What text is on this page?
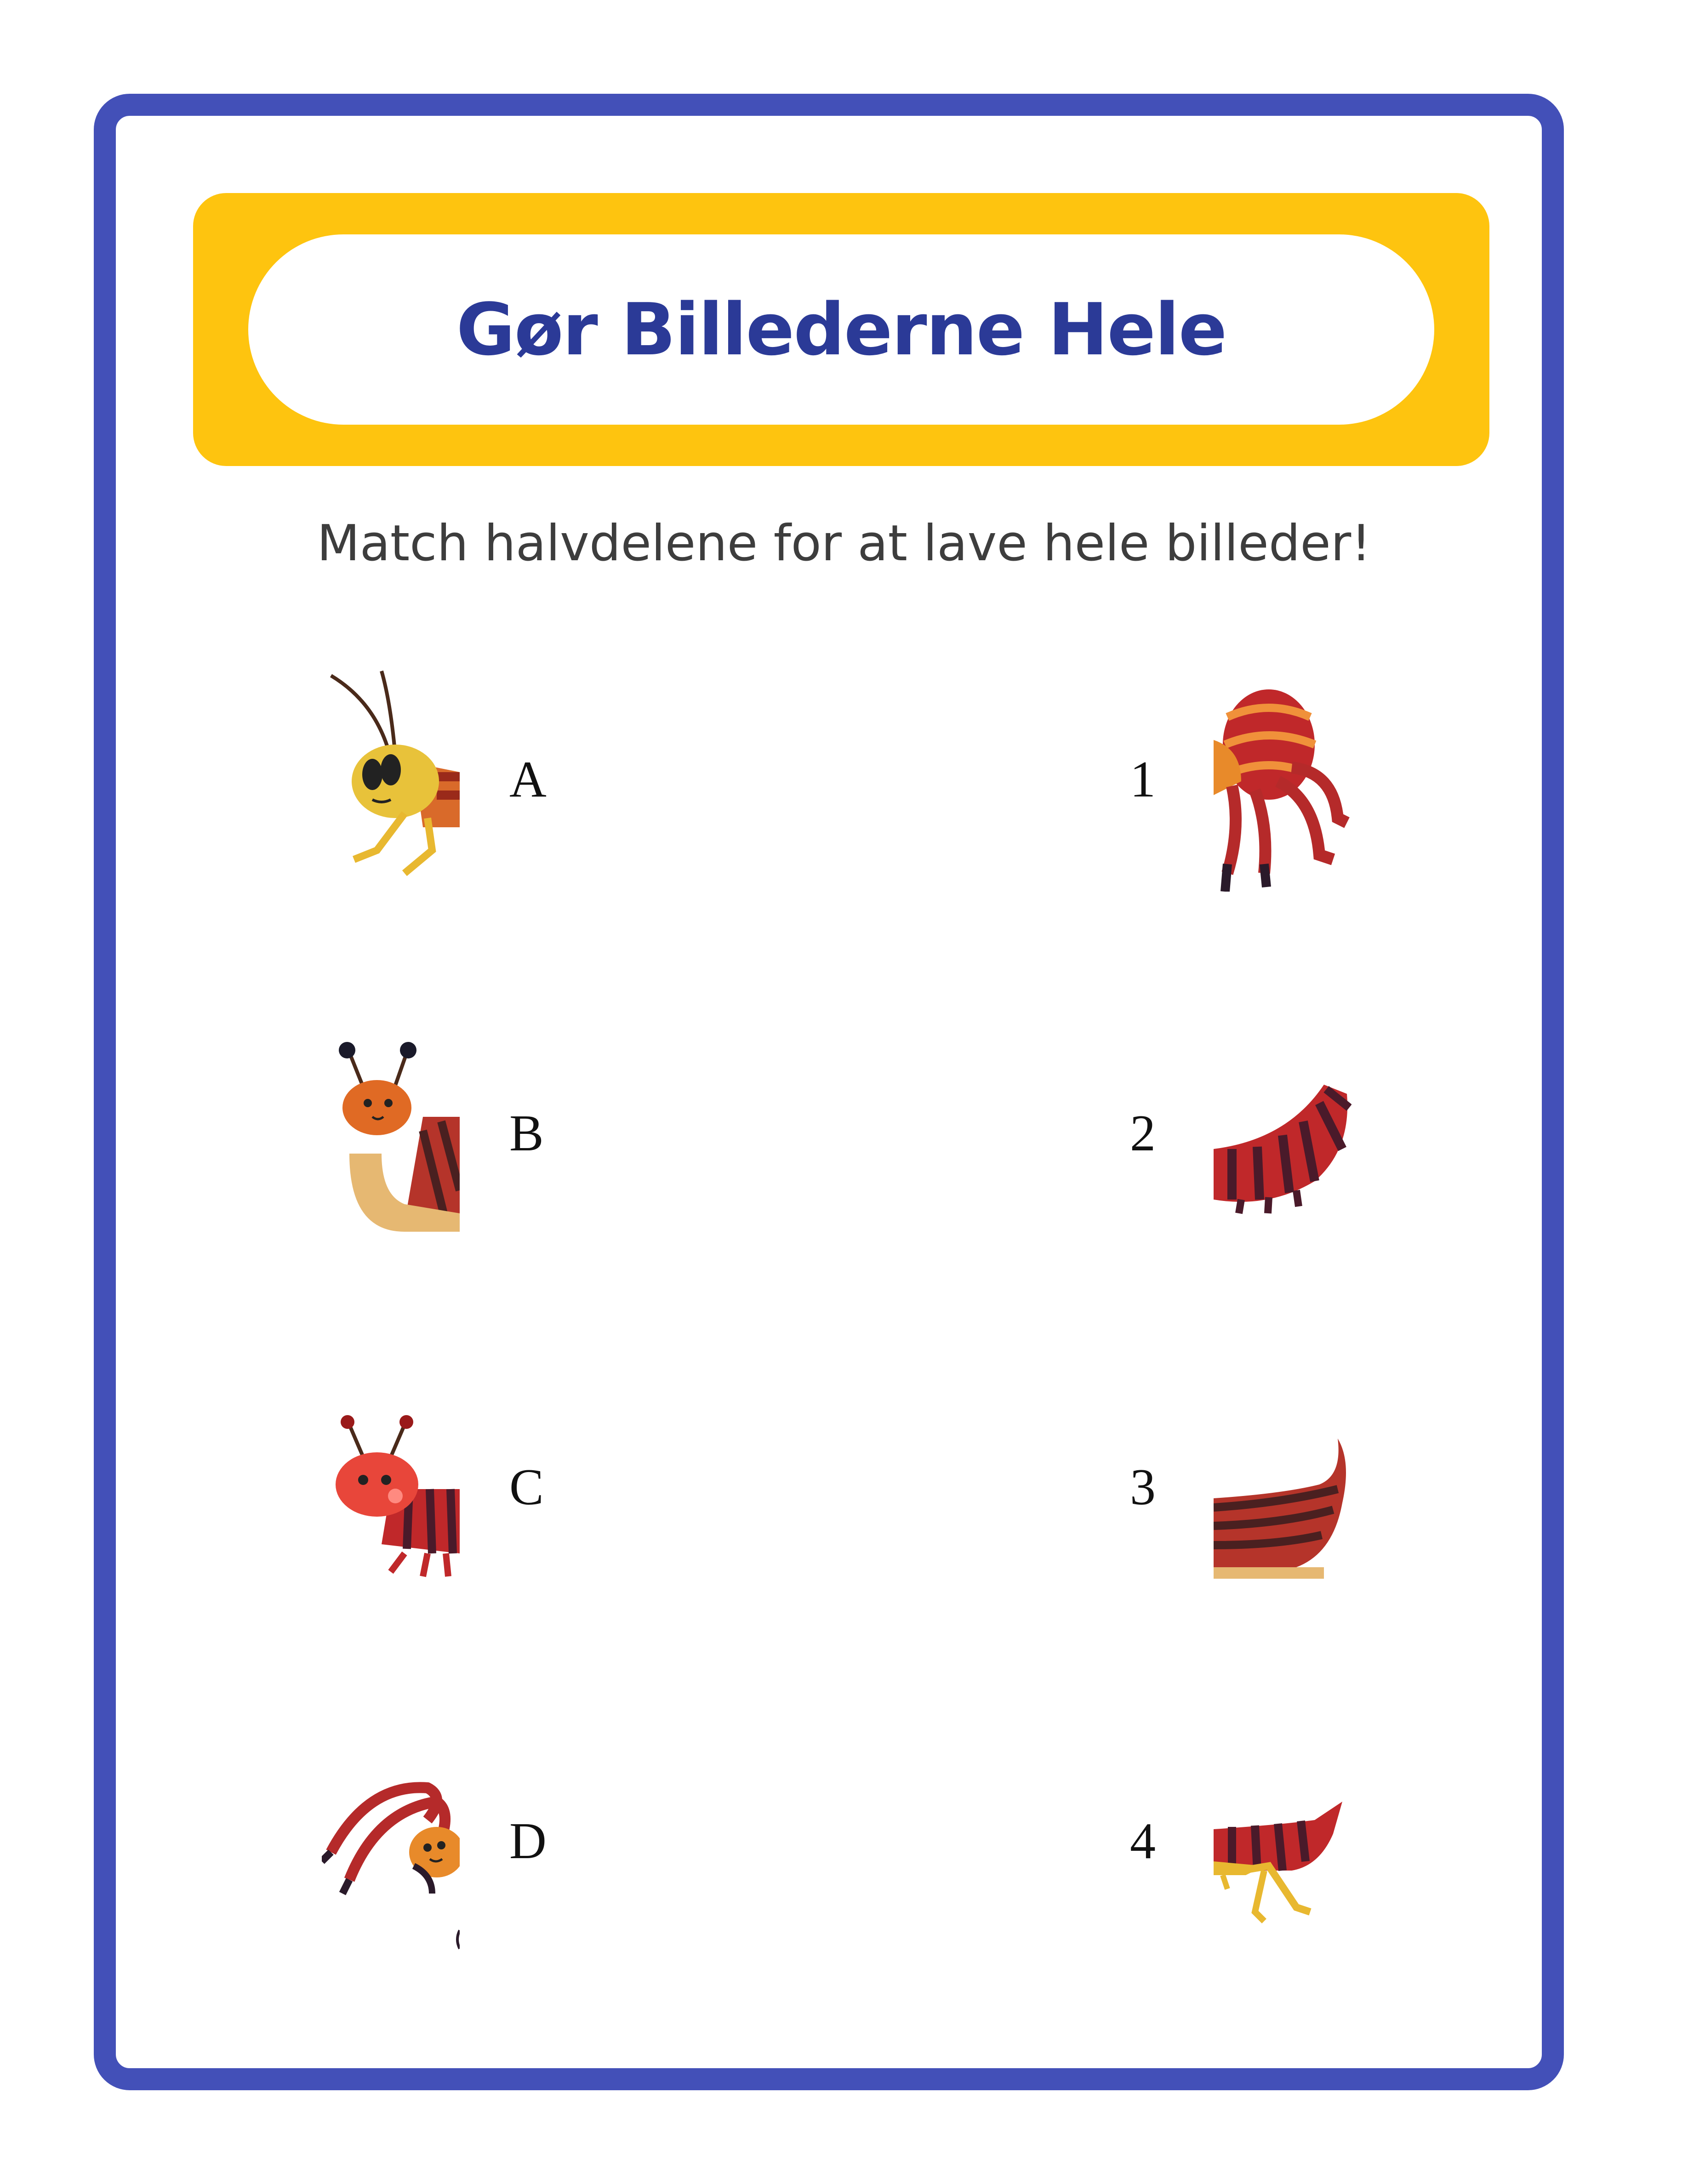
Gør Billederne Hele
Match halvdelene for at lave hele billeder!
A	1
B	2
C	3
D	4
